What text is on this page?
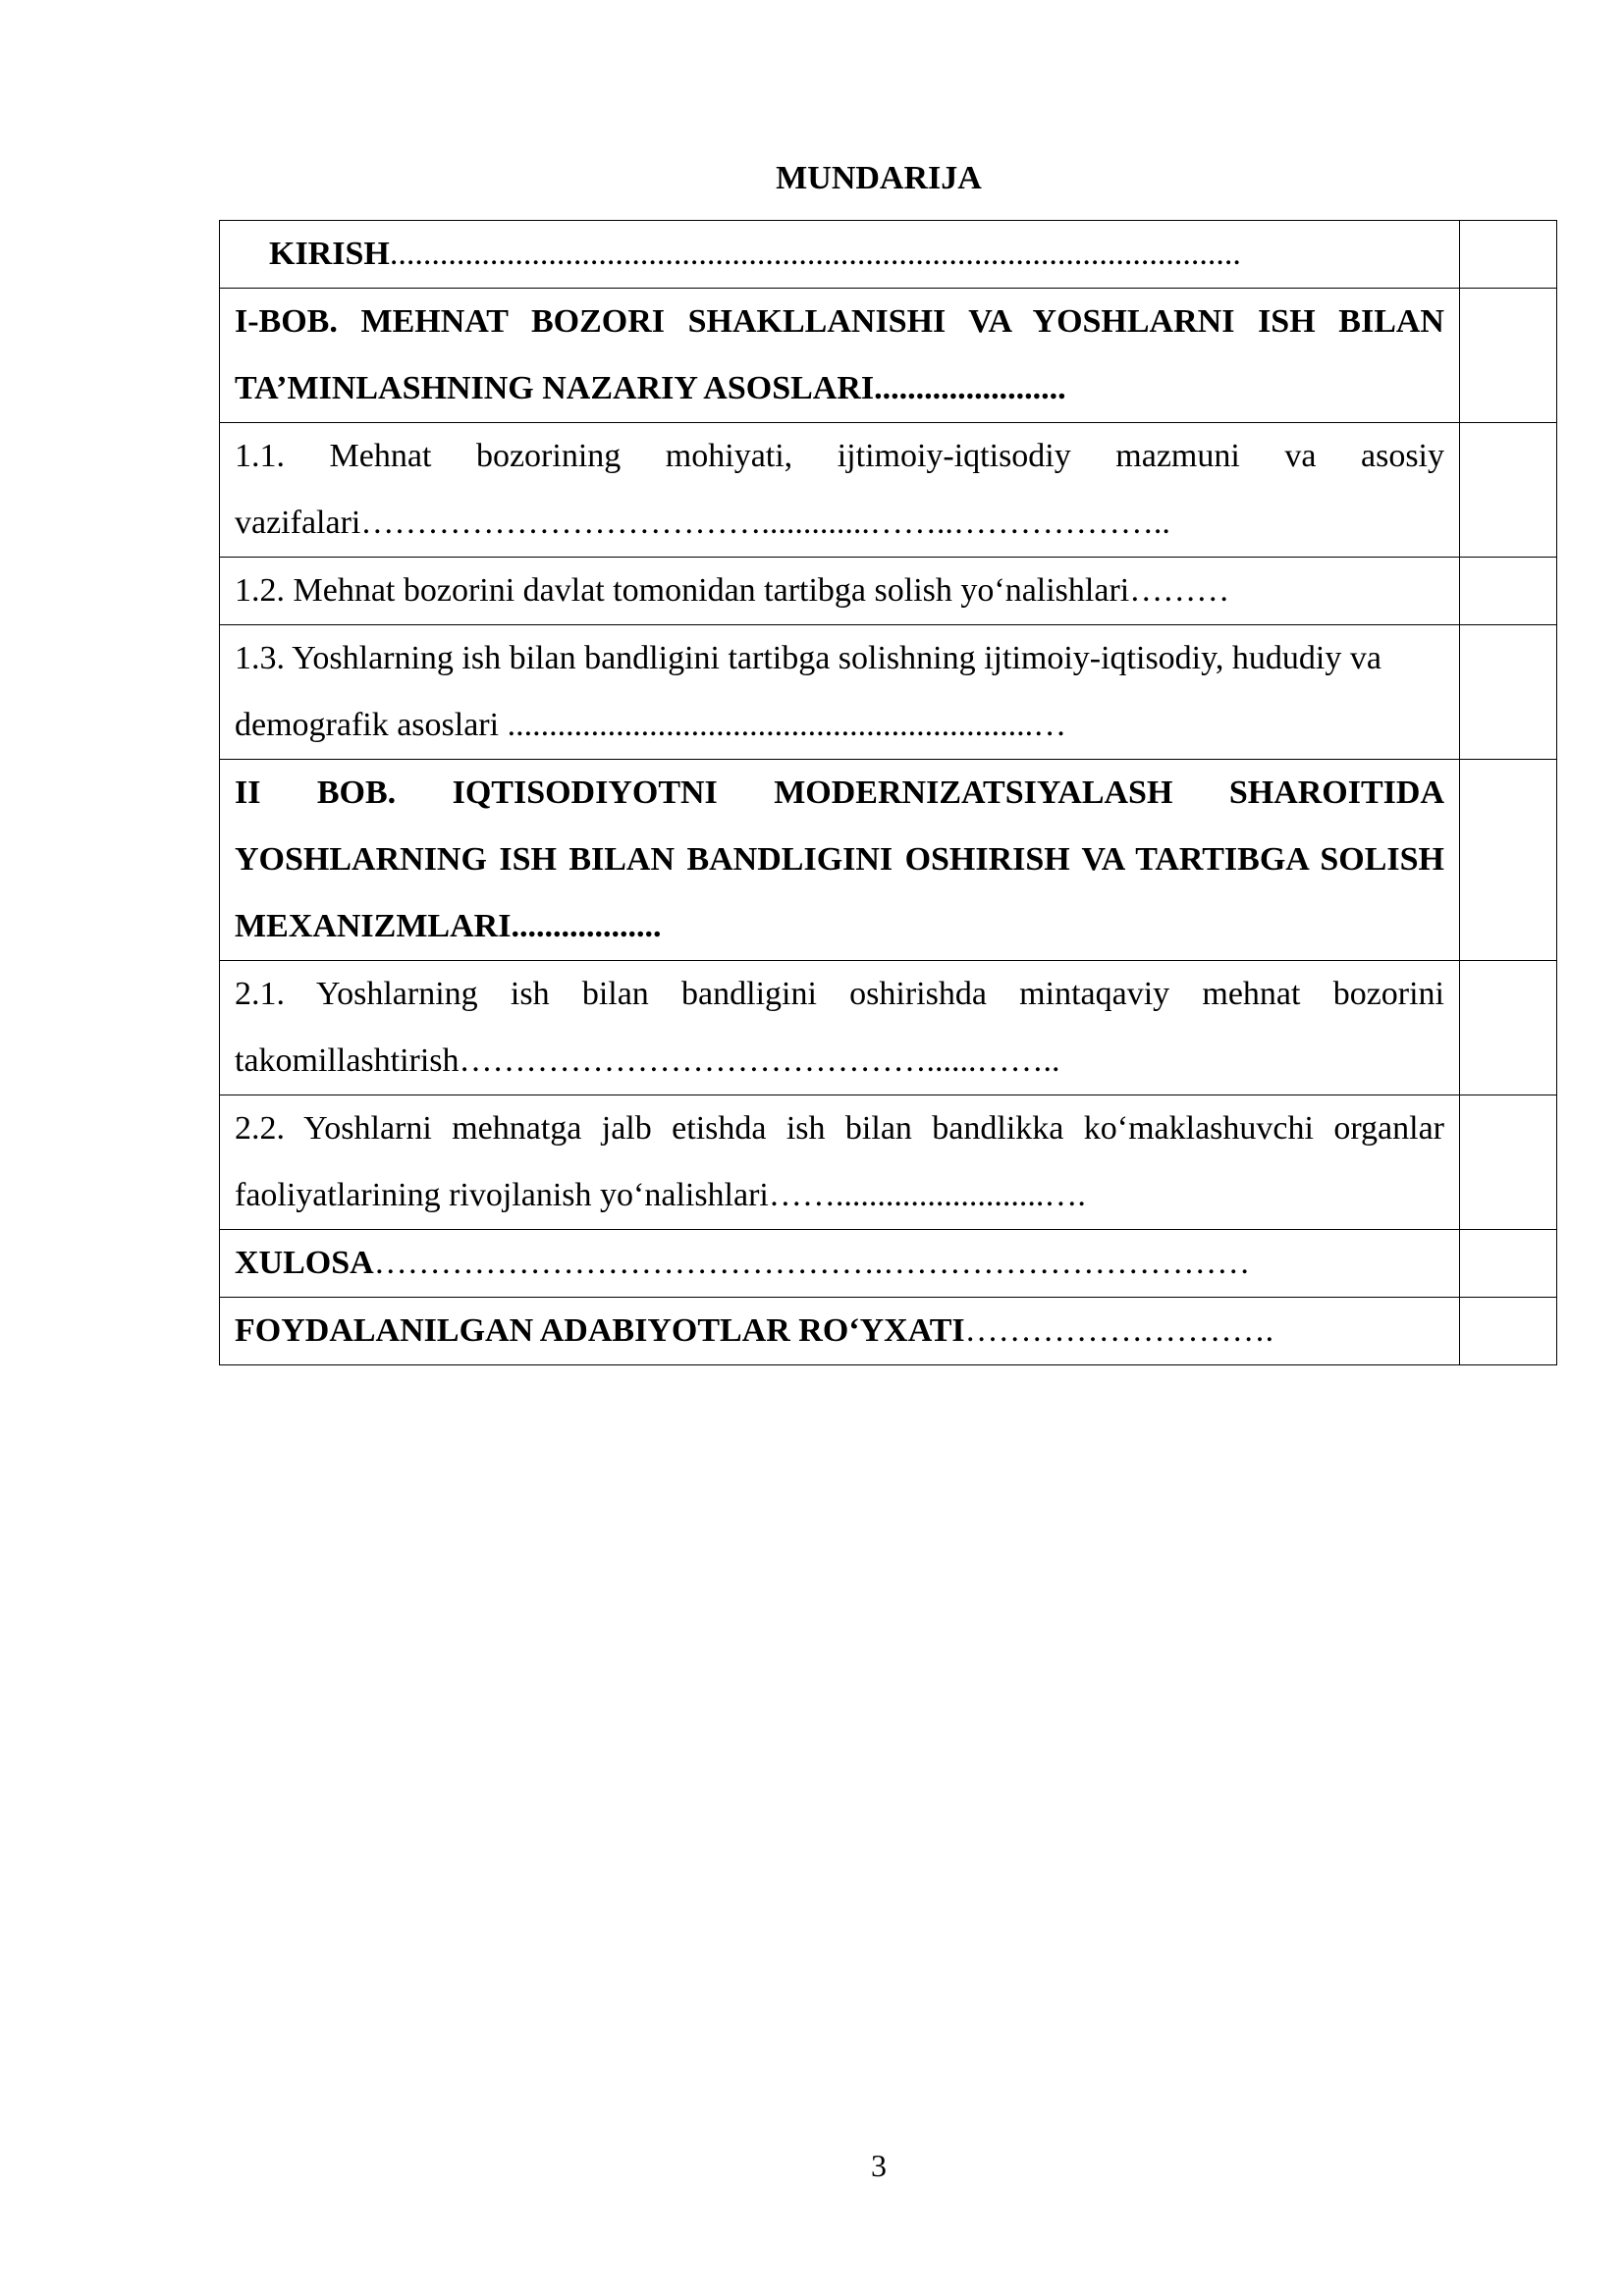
MUNDARIJA
KIRISH......................................................................................................	

I-BOB. MEHNAT BOZORI SHAKLLANISHI VA YOSHLARNI ISH BILAN TA’MINLASHNING NAZARIY ASOSLARI.......................	

1.1. Mehnat bozorining mohiyati, ijtimoiy-iqtisodiy mazmuni va asosiy vazifalari……………………………….............……..………………..	

1.2. Mehnat bozorini davlat tomonidan tartibga solish yo‘nalishlari………	

1.3. Yoshlarning ish bilan bandligini tartibga solishning ijtimoiy-iqtisodiy, hududiy va demografik asoslari ...............................................................…	

II BOB. IQTISODIYOTNI MODERNIZATSIYALASH SHAROITIDA YOSHLARNING ISH BILAN BANDLIGINI OSHIRISH VA TARTIBGA SOLISH MEXANIZMLARI..................	

2.1. Yoshlarning ish bilan bandligini oshirishda mintaqaviy mehnat bozorini takomillashtirish……………………………………......……..	

2.2. Yoshlarni mehnatga jalb etishda ish bilan bandlikka ko‘maklashuvchi organlar faoliyatlarining rivojlanish yo‘nalishlari…….........................….	

XULOSA……………………………………….……………………………	

FOYDALANILGAN ADABIYOTLAR RO‘YXATI……………………….	

3
